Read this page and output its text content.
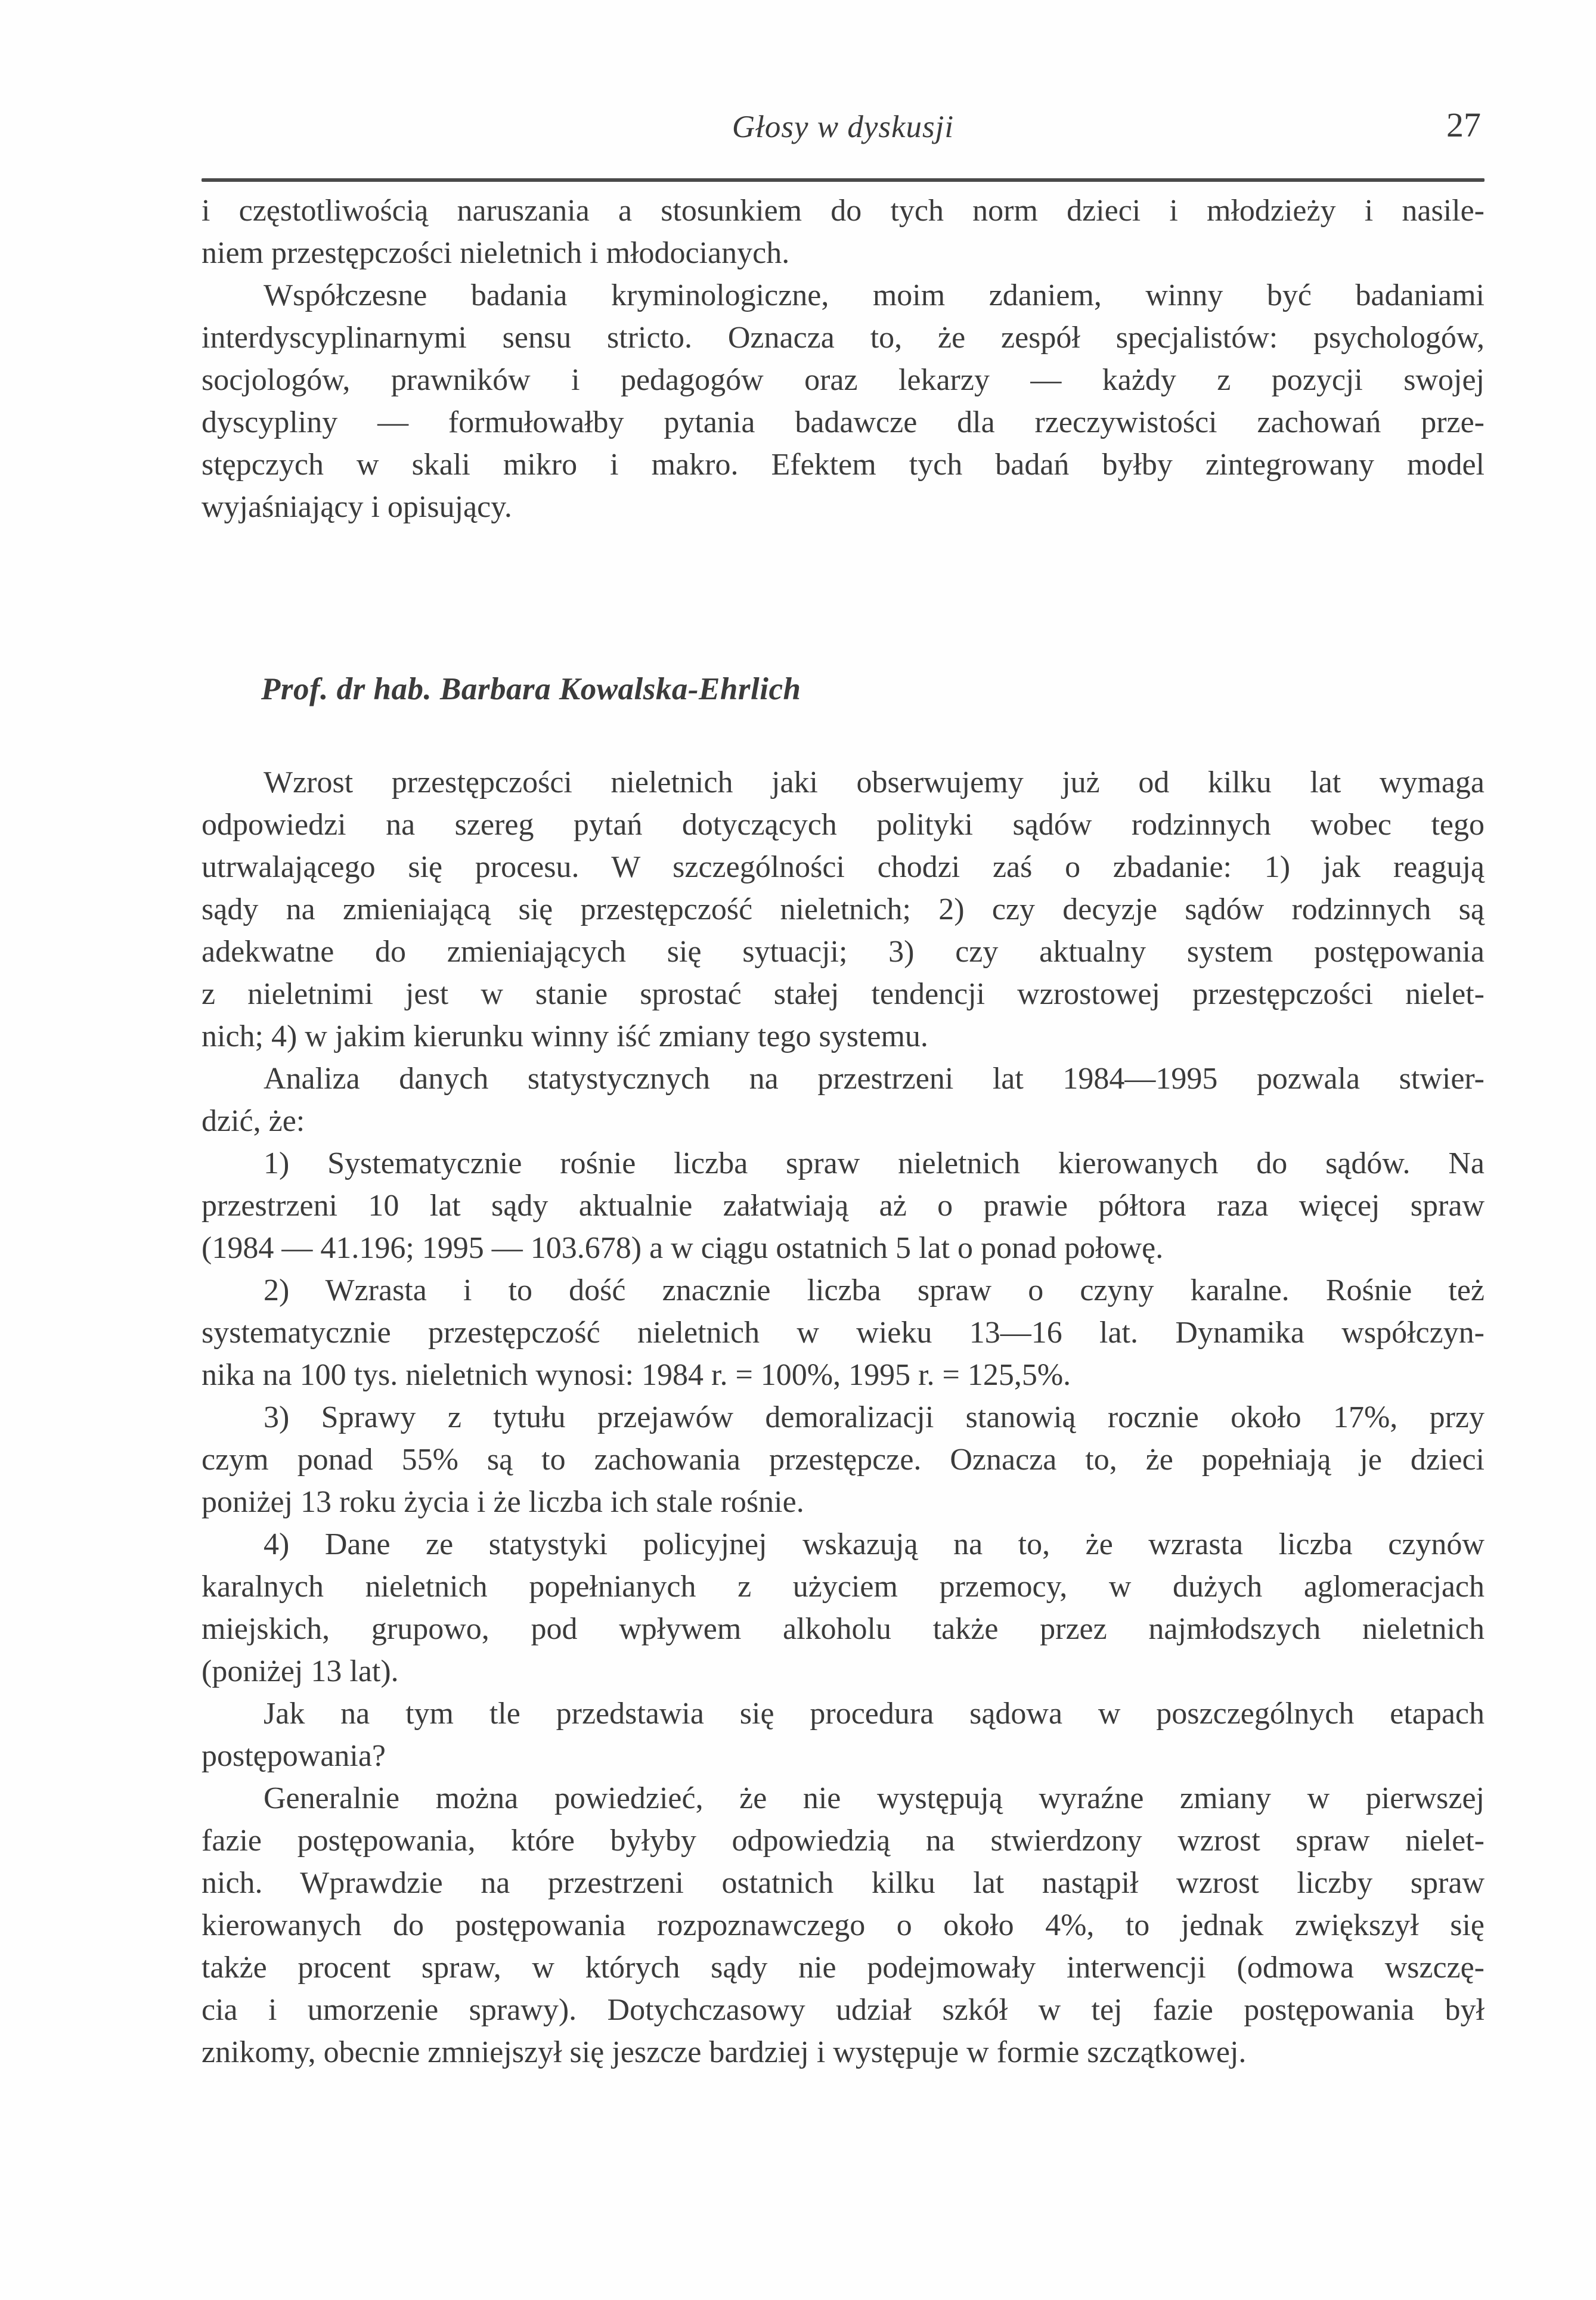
Głosy w dyskusji	27

i częstotliwością naruszania a stosunkiem do tych norm dzieci i młodzieży i nasile-
niem przestępczości nieletnich i młodocianych.

Współczesne badania kryminologiczne, moim zdaniem, winny być badaniami
interdyscyplinarnymi sensu stricto. Oznacza to, że zespół specjalistów: psychologów,
socjologów, prawników i pedagogów oraz lekarzy — każdy z pozycji swojej
dyscypliny — formułowałby pytania badawcze dla rzeczywistości zachowań prze-
stępczych w skali mikro i makro. Efektem tych badań byłby zintegrowany model
wyjaśniający i opisujący.

Prof. dr hab. Barbara Kowalska-Ehrlich

Wzrost przestępczości nieletnich jaki obserwujemy już od kilku lat wymaga
odpowiedzi na szereg pytań dotyczących polityki sądów rodzinnych wobec tego
utrwalającego się procesu. W szczególności chodzi zaś o zbadanie: 1) jak reagują
sądy na zmieniającą się przestępczość nieletnich; 2) czy decyzje sądów rodzinnych są
adekwatne do zmieniających się sytuacji; 3) czy aktualny system postępowania
z nieletnimi jest w stanie sprostać stałej tendencji wzrostowej przestępczości nielet-
nich; 4) w jakim kierunku winny iść zmiany tego systemu.

Analiza danych statystycznych na przestrzeni lat 1984—1995 pozwala stwier-
dzić, że:

1) Systematycznie rośnie liczba spraw nieletnich kierowanych do sądów. Na
przestrzeni 10 lat sądy aktualnie załatwiają aż o prawie półtora raza więcej spraw
(1984 — 41.196; 1995 — 103.678) a w ciągu ostatnich 5 lat o ponad połowę.

2) Wzrasta i to dość znacznie liczba spraw o czyny karalne. Rośnie też
systematycznie przestępczość nieletnich w wieku 13—16 lat. Dynamika współczyn-
nika na 100 tys. nieletnich wynosi: 1984 r. = 100%, 1995 r. = 125,5%.

3) Sprawy z tytułu przejawów demoralizacji stanowią rocznie około 17%, przy
czym ponad 55% są to zachowania przestępcze. Oznacza to, że popełniają je dzieci
poniżej 13 roku życia i że liczba ich stale rośnie.

4) Dane ze statystyki policyjnej wskazują na to, że wzrasta liczba czynów
karalnych nieletnich popełnianych z użyciem przemocy, w dużych aglomeracjach
miejskich, grupowo, pod wpływem alkoholu także przez najmłodszych nieletnich
(poniżej 13 lat).

Jak na tym tle przedstawia się procedura sądowa w poszczególnych etapach
postępowania?

Generalnie można powiedzieć, że nie występują wyraźne zmiany w pierwszej
fazie postępowania, które byłyby odpowiedzią na stwierdzony wzrost spraw nielet-
nich. Wprawdzie na przestrzeni ostatnich kilku lat nastąpił wzrost liczby spraw
kierowanych do postępowania rozpoznawczego o około 4%, to jednak zwiększył się
także procent spraw, w których sądy nie podejmowały interwencji (odmowa wszczę-
cia i umorzenie sprawy). Dotychczasowy udział szkół w tej fazie postępowania był
znikomy, obecnie zmniejszył się jeszcze bardziej i występuje w formie szczątkowej.
